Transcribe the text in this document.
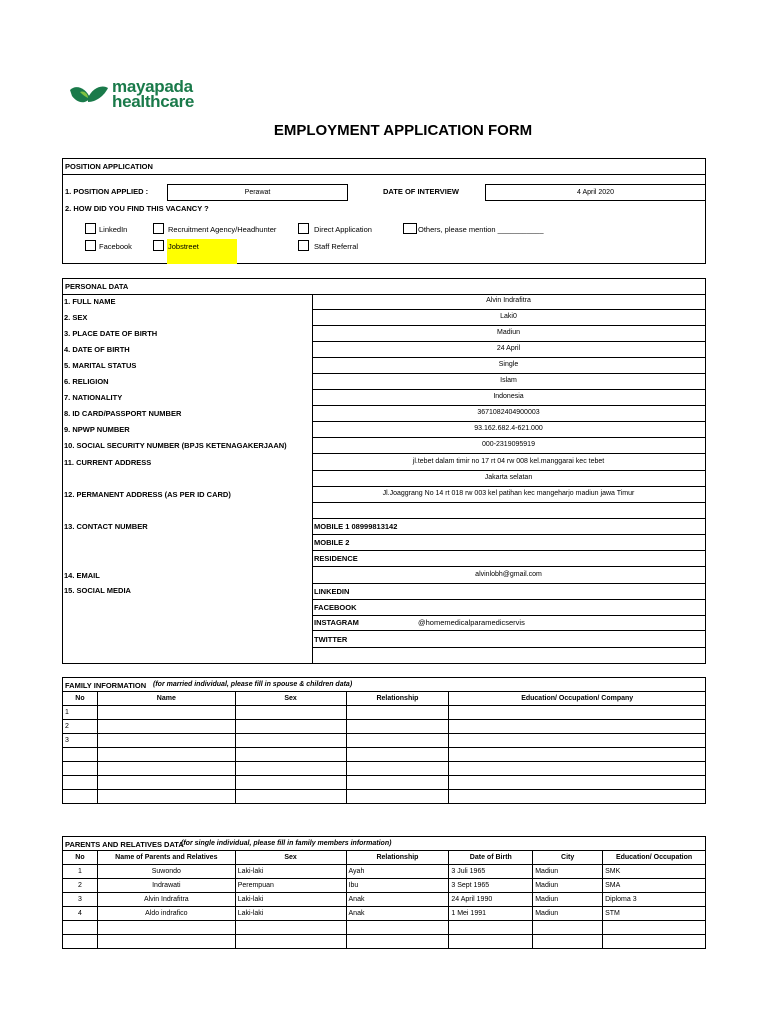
mayapada
healthcare
EMPLOYMENT APPLICATION FORM
POSITION APPLICATION
1. POSITION APPLIED :	Perawat	DATE OF INTERVIEW	4 April 2020
2. HOW DID YOU FIND THIS VACANCY ?
LinkedIn
Facebook
Recruitment Agency/Headhunter
Jobstreet
Direct Application
Staff Referral
Others, please mention ___________
PERSONAL DATA
1. FULL NAME	Alvin Indrafitra
2. SEX	Laki0
3. PLACE DATE OF BIRTH	Madiun
4. DATE OF BIRTH	24 April
5. MARITAL STATUS	Single
6. RELIGION	Islam
7. NATIONALITY	Indonesia
8. ID CARD/PASSPORT NUMBER	3671082404900003
9. NPWP NUMBER	93.162.682.4-621.000
10. SOCIAL SECURITY NUMBER (BPJS KETENAGAKERJAAN)	000-2319095919
11. CURRENT ADDRESS	jl.tebet dalam timir no 17 rt 04 rw 008 kel.manggarai kec tebet
Jakarta selatan
12. PERMANENT ADDRESS (AS PER ID CARD)	Jl.Joaggrang No 14 rt 018 rw 003 kel patihan kec mangeharjo madiun jawa Timur
13. CONTACT NUMBER	MOBILE 1 08999813142
MOBILE 2
RESIDENCE
14. EMAIL	alvinlobh@gmail.com
15. SOCIAL MEDIA	LINKEDIN
FACEBOOK
INSTAGRAM	@homemedicalparamedicservis
TWITTER
FAMILY INFORMATION (for married individual, please fill in spouse & children data)
No	Name	Sex	Relationship	Education/ Occupation/ Company
1				
2				
3				

PARENTS AND RELATIVES DATA
(for single individual, please fill in family members information)
No	Name of Parents and Relatives	Sex	Relationship	Date of Birth	City	Education/ Occupation
1	Suwondo	Laki-laki	Ayah	3 Juli 1965	Madiun	SMK
2	Indrawati	Perempuan	Ibu	3 Sept 1965	Madiun	SMA
3	Alvin Indrafitra	Laki-laki	Anak	24 April 1990	Madiun	Diploma 3
4	Aldo indrafico	Laki-laki	Anak	1 Mei 1991	Madiun	STM
